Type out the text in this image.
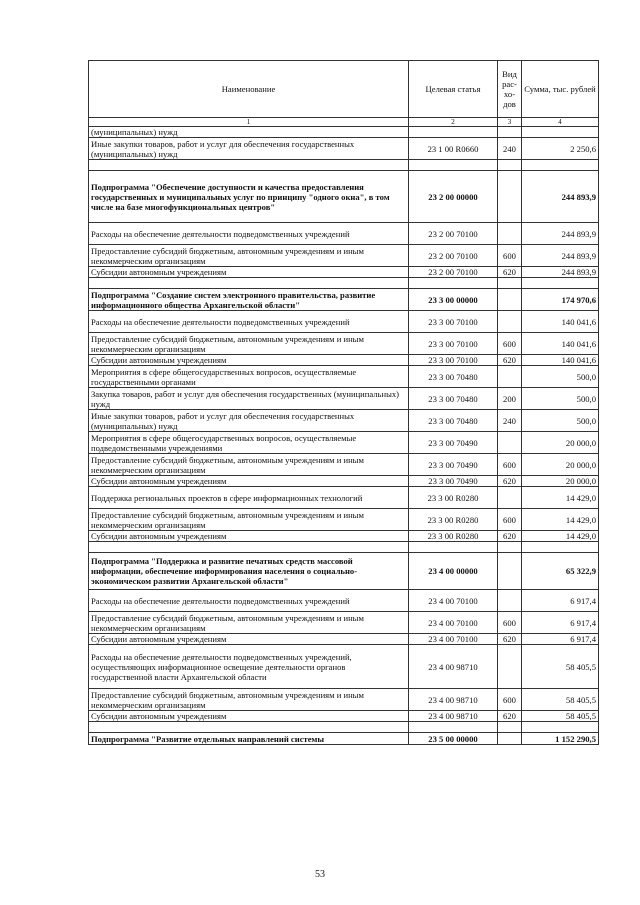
Наименование	Целевая статья	Вид рас-хо-дов	Сумма, тыс. рублей
1	2	3	4
(муниципальных) нужд			
Иные закупки товаров, работ и услуг для обеспечения государственных (муниципальных) нужд	23 1 00 R0660	240	2 250,6

Подпрограмма "Обеспечение доступности и качества предоставления государственных и муниципальных услуг по принципу "одного окна", в том числе на базе многофункциональных центров"	23 2 00 00000		244 893,9
Расходы на обеспечение деятельности подведомственных учреждений	23 2 00 70100		244 893,9
Предоставление субсидий бюджетным, автономным учреждениям и иным некоммерческим организациям	23 2 00 70100	600	244 893,9
Субсидии автономным учреждениям	23 2 00 70100	620	244 893,9

Подпрограмма "Создание систем электронного правительства, развитие информационного общества Архангельской области"	23 3 00 00000		174 970,6
Расходы на обеспечение деятельности подведомственных учреждений	23 3 00 70100		140 041,6
Предоставление субсидий бюджетным, автономным учреждениям и иным некоммерческим организациям	23 3 00 70100	600	140 041,6
Субсидии автономным учреждениям	23 3 00 70100	620	140 041,6
Мероприятия в сфере общегосударственных вопросов, осуществляемые государственными органами	23 3 00 70480		500,0
Закупка товаров, работ и услуг для обеспечения государственных (муниципальных) нужд	23 3 00 70480	200	500,0
Иные закупки товаров, работ и услуг для обеспечения государственных (муниципальных) нужд	23 3 00 70480	240	500,0
Мероприятия в сфере общегосударственных вопросов, осуществляемые подведомственными учреждениями	23 3 00 70490		20 000,0
Предоставление субсидий бюджетным, автономным учреждениям и иным некоммерческим организациям	23 3 00 70490	600	20 000,0
Субсидии автономным учреждениям	23 3 00 70490	620	20 000,0
Поддержка региональных проектов в сфере информационных технологий	23 3 00 R0280		14 429,0
Предоставление субсидий бюджетным, автономным учреждениям и иным некоммерческим организациям	23 3 00 R0280	600	14 429,0
Субсидии автономным учреждениям	23 3 00 R0280	620	14 429,0

Подпрограмма "Поддержка и развитие печатных средств массовой информации, обеспечение информирования населения о социально-экономическом развитии Архангельской области"	23 4 00 00000		65 322,9
Расходы на обеспечение деятельности подведомственных учреждений	23 4 00 70100		6 917,4
Предоставление субсидий бюджетным, автономным учреждениям и иным некоммерческим организациям	23 4 00 70100	600	6 917,4
Субсидии автономным учреждениям	23 4 00 70100	620	6 917,4
Расходы на обеспечение деятельности подведомственных учреждений, осуществляющих информационное освещение деятельности органов государственной власти Архангельской области	23 4 00 98710		58 405,5
Предоставление субсидий бюджетным, автономным учреждениям и иным некоммерческим организациям	23 4 00 98710	600	58 405,5
Субсидии автономным учреждениям	23 4 00 98710	620	58 405,5

Подпрограмма "Развитие отдельных направлений системы	23 5 00 00000		1 152 290,5
53
